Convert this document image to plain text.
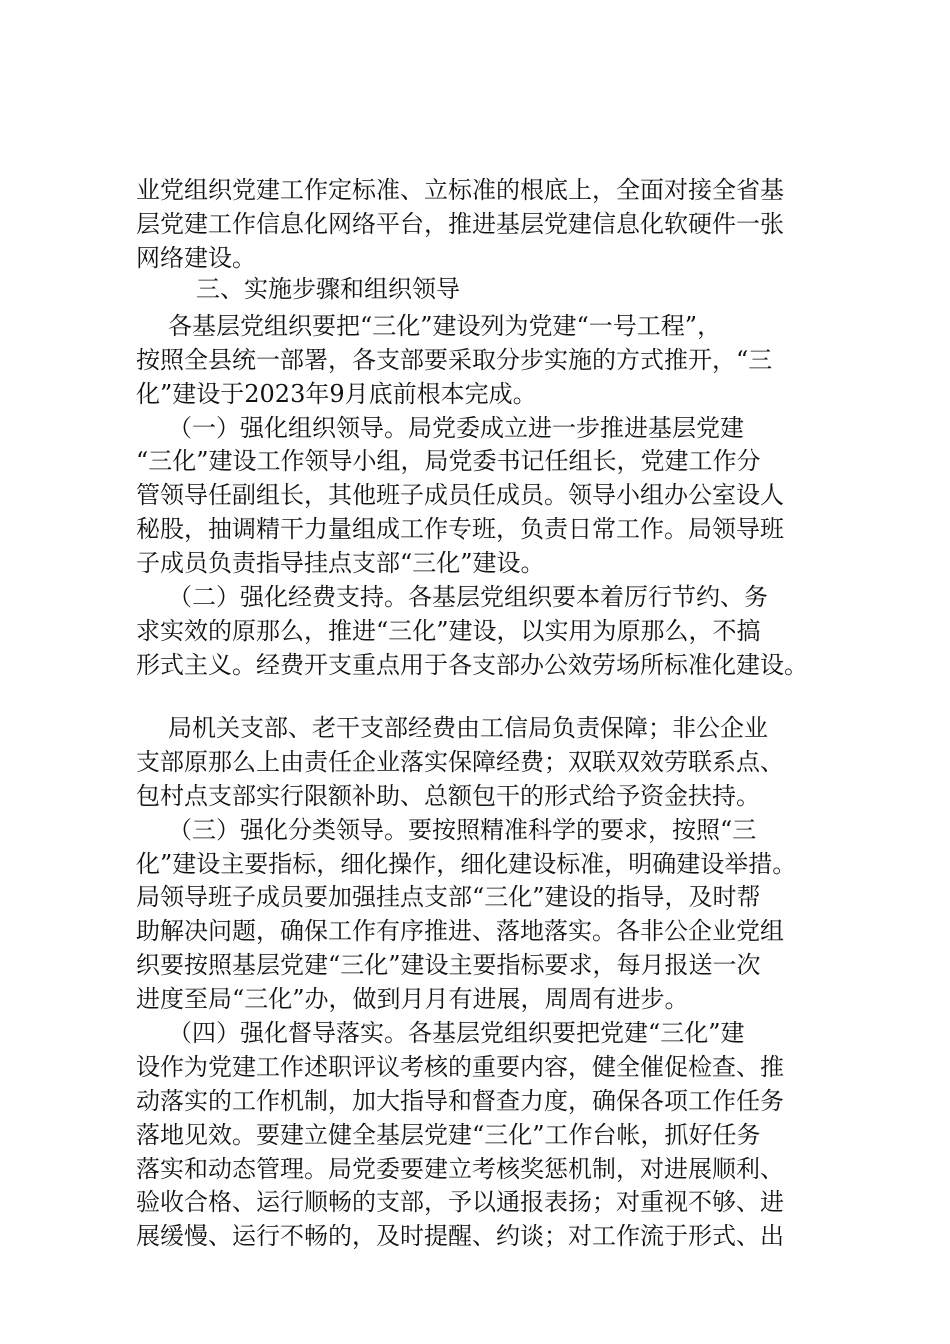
业党组织党建工作定标准、立标准的根底上，全面对接全省基

层党建工作信息化网络平台，推进基层党建信息化软硬件一张

网络建设。

三、实施步骤和组织领导

各基层党组织要把“三化”建设列为党建“一号工程”，

按照全县统一部署，各支部要采取分步实施的方式推开，“三

化”建设于2023年9月底前根本完成。

（一）强化组织领导。局党委成立进一步推进基层党建

“三化”建设工作领导小组，局党委书记任组长，党建工作分

管领导任副组长，其他班子成员任成员。领导小组办公室设人

秘股，抽调精干力量组成工作专班，负责日常工作。局领导班

子成员负责指导挂点支部“三化”建设。

（二）强化经费支持。各基层党组织要本着厉行节约、务

求实效的原那么，推进“三化”建设，以实用为原那么，不搞

形式主义。经费开支重点用于各支部办公效劳场所标准化建设。

局机关支部、老干支部经费由工信局负责保障；非公企业

支部原那么上由责任企业落实保障经费；双联双效劳联系点、

包村点支部实行限额补助、总额包干的形式给予资金扶持。

（三）强化分类领导。要按照精准科学的要求，按照“三

化”建设主要指标，细化操作，细化建设标准，明确建设举措。

局领导班子成员要加强挂点支部“三化”建设的指导，及时帮

助解决问题，确保工作有序推进、落地落实。各非公企业党组

织要按照基层党建“三化”建设主要指标要求，每月报送一次

进度至局“三化”办，做到月月有进展，周周有进步。

（四）强化督导落实。各基层党组织要把党建“三化”建

设作为党建工作述职评议考核的重要内容，健全催促检查、推

动落实的工作机制，加大指导和督查力度，确保各项工作任务

落地见效。要建立健全基层党建“三化”工作台帐，抓好任务

落实和动态管理。局党委要建立考核奖惩机制，对进展顺利、

验收合格、运行顺畅的支部，予以通报表扬；对重视不够、进

展缓慢、运行不畅的，及时提醒、约谈；对工作流于形式、出
